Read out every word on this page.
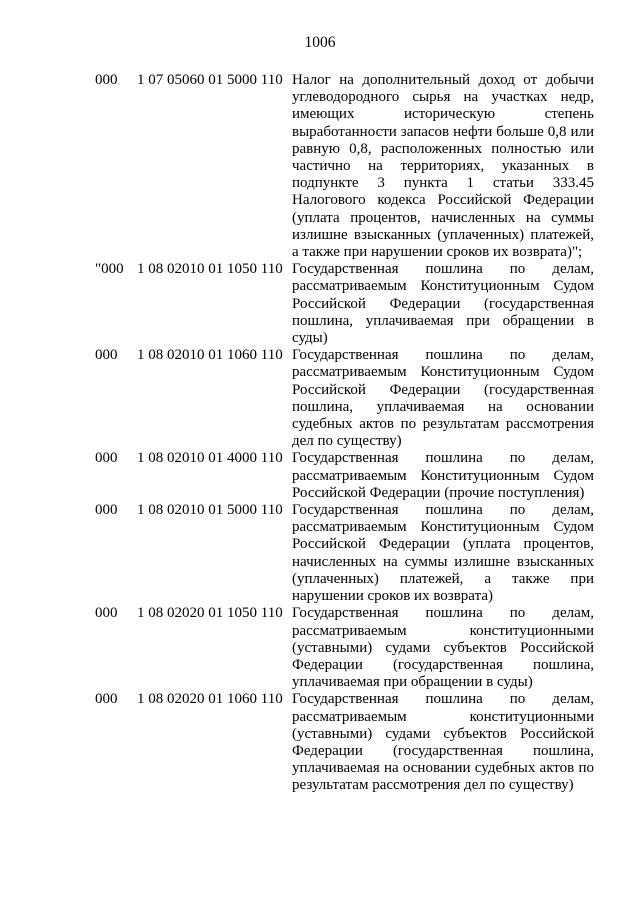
1006
000 1 07 05060 01 5000 110 Налог на дополнительный доход от добычи углеводородного сырья на участках недр, имеющих историческую степень выработанности запасов нефти больше 0,8 или равную 0,8, расположенных полностью или частично на территориях, указанных в подпункте 3 пункта 1 статьи 333.45 Налогового кодекса Российской Федерации (уплата процентов, начисленных на суммы излишне взысканных (уплаченных) платежей, а также при нарушении сроков их возврата)";
"000 1 08 02010 01 1050 110 Государственная пошлина по делам, рассматриваемым Конституционным Судом Российской Федерации (государственная пошлина, уплачиваемая при обращении в суды)
000 1 08 02010 01 1060 110 Государственная пошлина по делам, рассматриваемым Конституционным Судом Российской Федерации (государственная пошлина, уплачиваемая на основании судебных актов по результатам рассмотрения дел по существу)
000 1 08 02010 01 4000 110 Государственная пошлина по делам, рассматриваемым Конституционным Судом Российской Федерации (прочие поступления)
000 1 08 02010 01 5000 110 Государственная пошлина по делам, рассматриваемым Конституционным Судом Российской Федерации (уплата процентов, начисленных на суммы излишне взысканных (уплаченных) платежей, а также при нарушении сроков их возврата)
000 1 08 02020 01 1050 110 Государственная пошлина по делам, рассматриваемым конституционными (уставными) судами субъектов Российской Федерации (государственная пошлина, уплачиваемая при обращении в суды)
000 1 08 02020 01 1060 110 Государственная пошлина по делам, рассматриваемым конституционными (уставными) судами субъектов Российской Федерации (государственная пошлина, уплачиваемая на основании судебных актов по результатам рассмотрения дел по существу)
